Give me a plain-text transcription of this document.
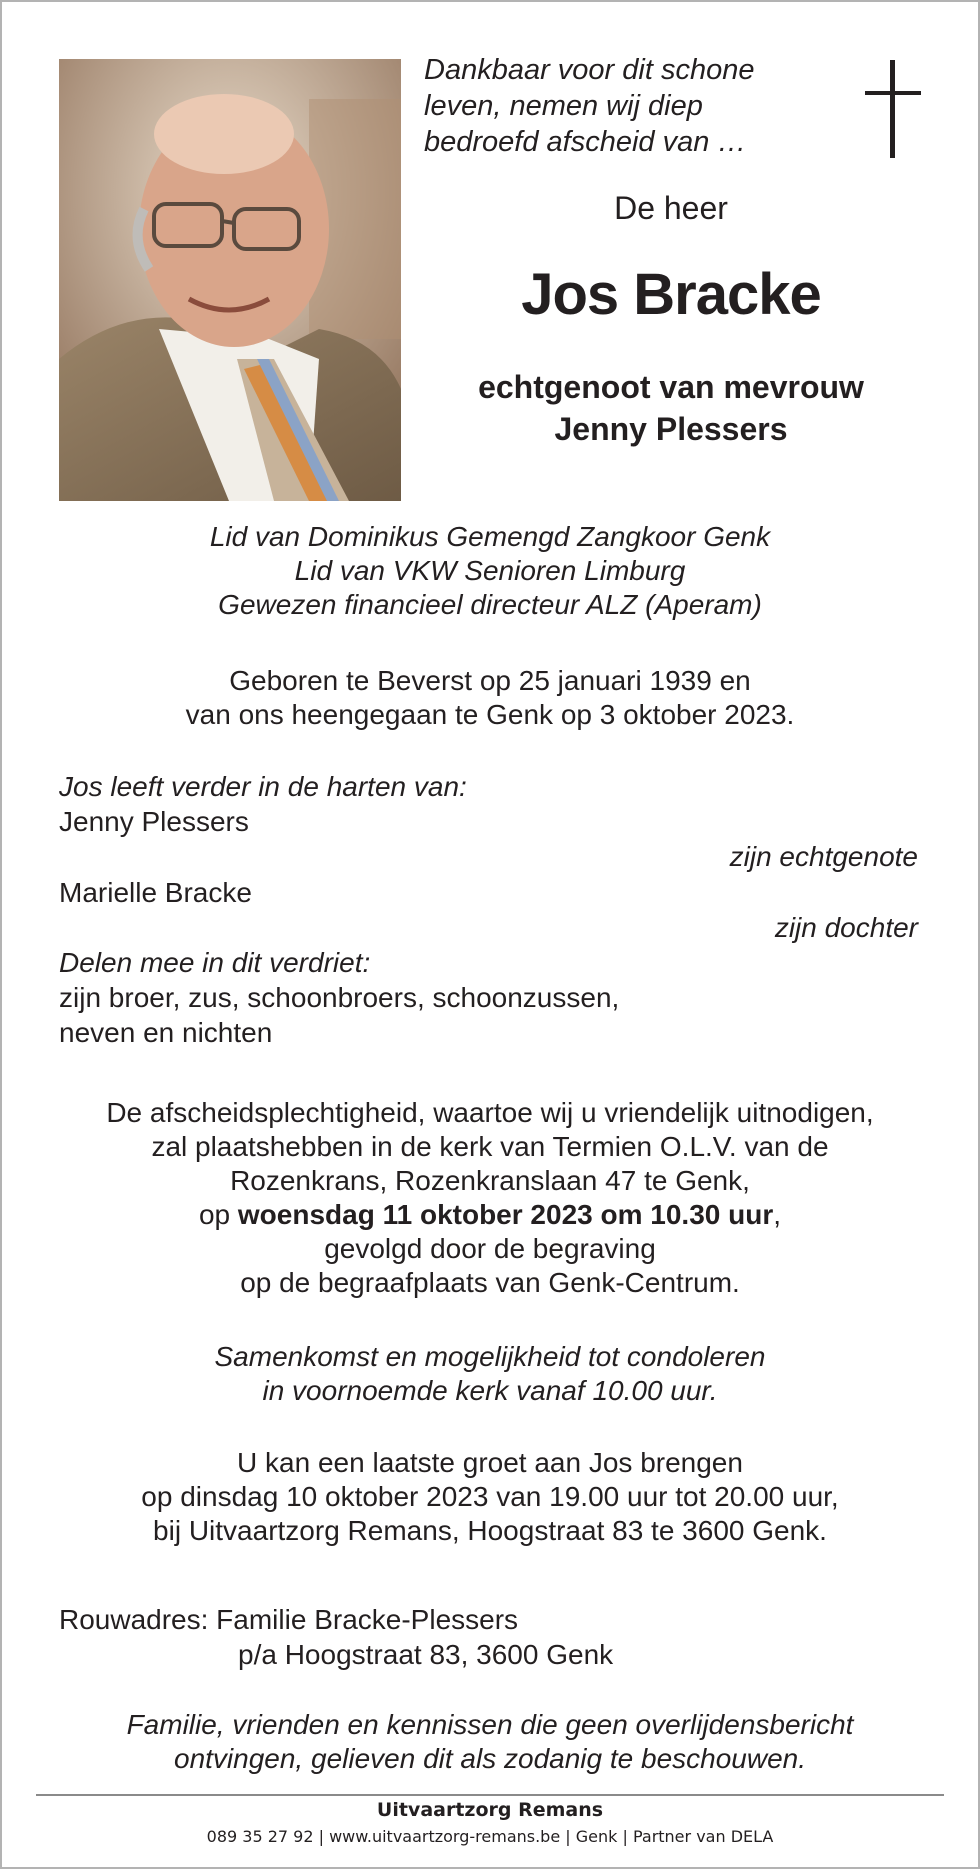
Dankbaar voor dit schone
leven, nemen wij diep
bedroefd afscheid van …
De heer
Jos Bracke
echtgenoot van mevrouw
Jenny Plessers
Lid van Dominikus Gemengd Zangkoor Genk
Lid van VKW Senioren Limburg
Gewezen financieel directeur ALZ (Aperam)
Geboren te Beverst op 25 januari 1939 en
van ons heengegaan te Genk op 3 oktober 2023.
Jos leeft verder in de harten van:
Jenny Plessers
zijn echtgenote
Marielle Bracke
zijn dochter
Delen mee in dit verdriet:
zijn broer, zus, schoonbroers, schoonzussen,
neven en nichten
De afscheidsplechtigheid, waartoe wij u vriendelijk uitnodigen,
zal plaatshebben in de kerk van Termien O.L.V. van de
Rozenkrans, Rozenkranslaan 47 te Genk,
op woensdag 11 oktober 2023 om 10.30 uur,
gevolgd door de begraving
op de begraafplaats van Genk-Centrum.
Samenkomst en mogelijkheid tot condoleren
in voornoemde kerk vanaf 10.00 uur.
U kan een laatste groet aan Jos brengen
op dinsdag 10 oktober 2023 van 19.00 uur tot 20.00 uur,
bij Uitvaartzorg Remans, Hoogstraat 83 te 3600 Genk.
Rouwadres: Familie Bracke-Plessers
p/a Hoogstraat 83, 3600 Genk
Familie, vrienden en kennissen die geen overlijdensbericht
ontvingen, gelieven dit als zodanig te beschouwen.
Uitvaartzorg Remans
089 35 27 92 | www.uitvaartzorg-remans.be | Genk | Partner van DELA
